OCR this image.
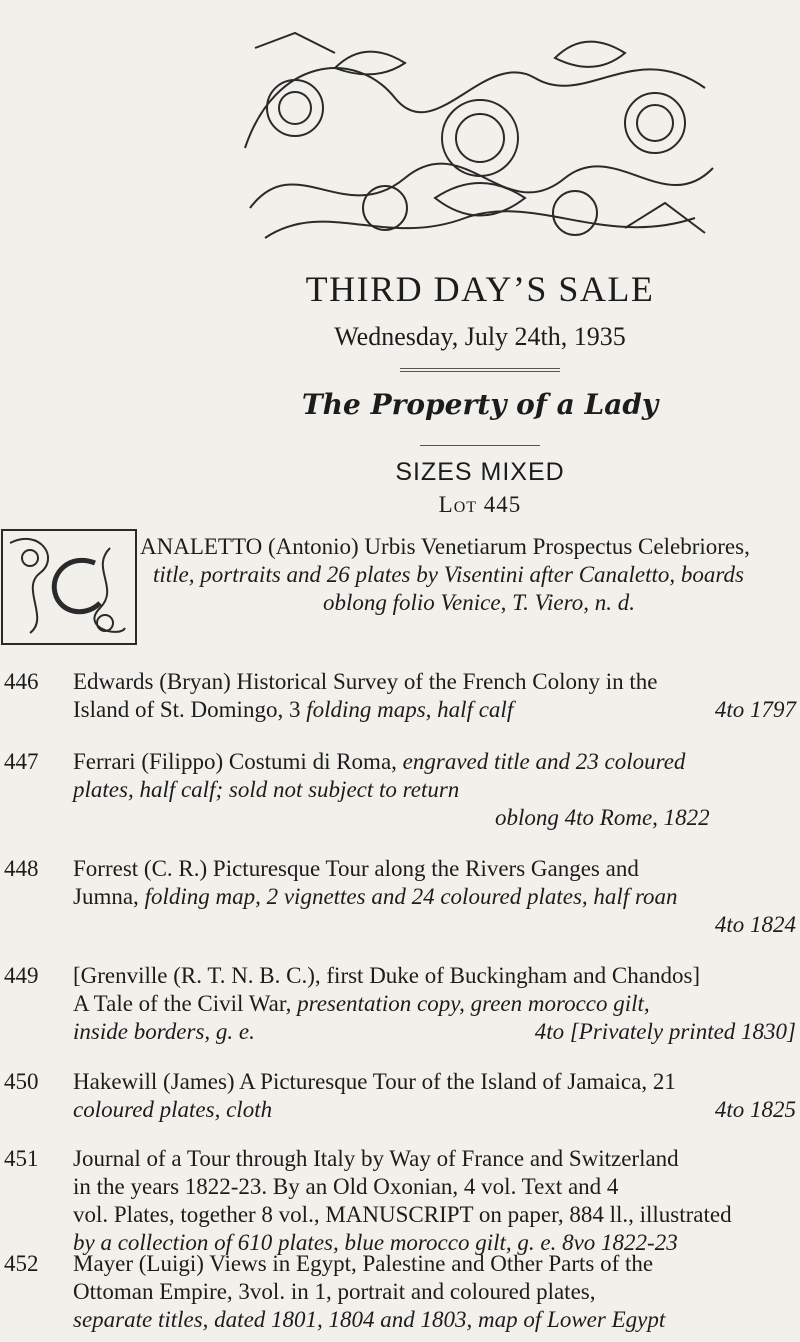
THIRD DAY’S SALE

Wednesday, July 24th, 1935

The Property of a Lady

SIZES MIXED

Lot 445

ANALETTO (Antonio) Urbis Venetiarum Prospectus Celebriores,
title, portraits and 26 plates by Visentini after Canaletto, boards
oblong folio Venice, T. Viero, n. d.
446 Edwards (Bryan) Historical Survey of the French Colony in the
Island of St. Domingo, 3 folding maps, half calf	4to 1797
447 Ferrari (Filippo) Costumi di Roma, engraved title and 23 coloured
plates, half calf; sold not subject to return
oblong 4to Rome, 1822
448 Forrest (C. R.) Picturesque Tour along the Rivers Ganges and
Jumna, folding map, 2 vignettes and 24 coloured plates, half roan
4to 1824
449 [Grenville (R. T. N. B. C.), first Duke of Buckingham and Chandos]
A Tale of the Civil War, presentation copy, green morocco gilt,
inside borders, g. e.	4to [Privately printed 1830]
450 Hakewill (James) A Picturesque Tour of the Island of Jamaica, 21
coloured plates, cloth	4to 1825
451 Journal of a Tour through Italy by Way of France and Switzerland
in the years 1822-23. By an Old Oxonian, 4 vol. Text and 4
vol. Plates, together 8 vol., MANUSCRIPT on paper, 884 ll., illustrated
by a collection of 610 plates, blue morocco gilt, g. e. 8vo 1822-23
452 Mayer (Luigi) Views in Egypt, Palestine and Other Parts of the
Ottoman Empire, 3vol. in 1, portrait and coloured plates,
separate titles, dated 1801, 1804 and 1803, map of Lower Egypt
